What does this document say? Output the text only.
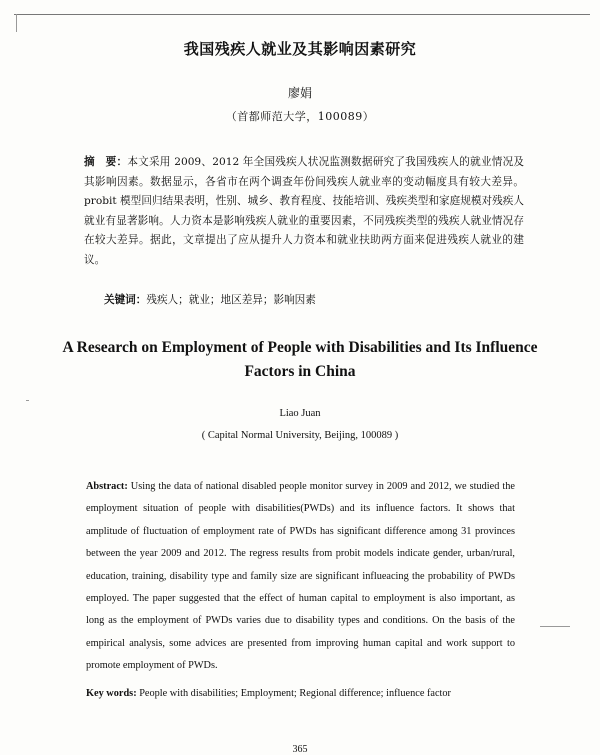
我国残疾人就业及其影响因素研究
廖娟
（首都师范大学，100089）
摘　要：本文采用 2009、2012 年全国残疾人状况监测数据研究了我国残疾人的就业情况及其影响因素。数据显示，各省市在两个调查年份间残疾人就业率的变动幅度具有较大差异。probit 模型回归结果表明，性别、城乡、教育程度、技能培训、残疾类型和家庭规模对残疾人就业有显著影响。人力资本是影响残疾人就业的重要因素，不同残疾类型的残疾人就业情况存在较大差异。据此，文章提出了应从提升人力资本和就业扶助两方面来促进残疾人就业的建议。
关键词：残疾人；就业；地区差异；影响因素
A Research on Employment of People with Disabilities and Its Influence Factors in China
Liao Juan
( Capital Normal University, Beijing, 100089 )
Abstract: Using the data of national disabled people monitor survey in 2009 and 2012, we studied the employment situation of people with disabilities(PWDs) and its influence factors. It shows that amplitude of fluctuation of employment rate of PWDs has significant difference among 31 provinces between the year 2009 and 2012. The regress results from probit models indicate gender, urban/rural, education, training, disability type and family size are significant influeacing the probability of PWDs employed. The paper suggested that the effect of human capital to employment is also important, as long as the employment of PWDs varies due to disability types and conditions. On the basis of the empirical analysis, some advices are presented from improving human capital and work support to promote employment of PWDs.
Key words: People with disabilities; Employment; Regional difference; influence factor
365
